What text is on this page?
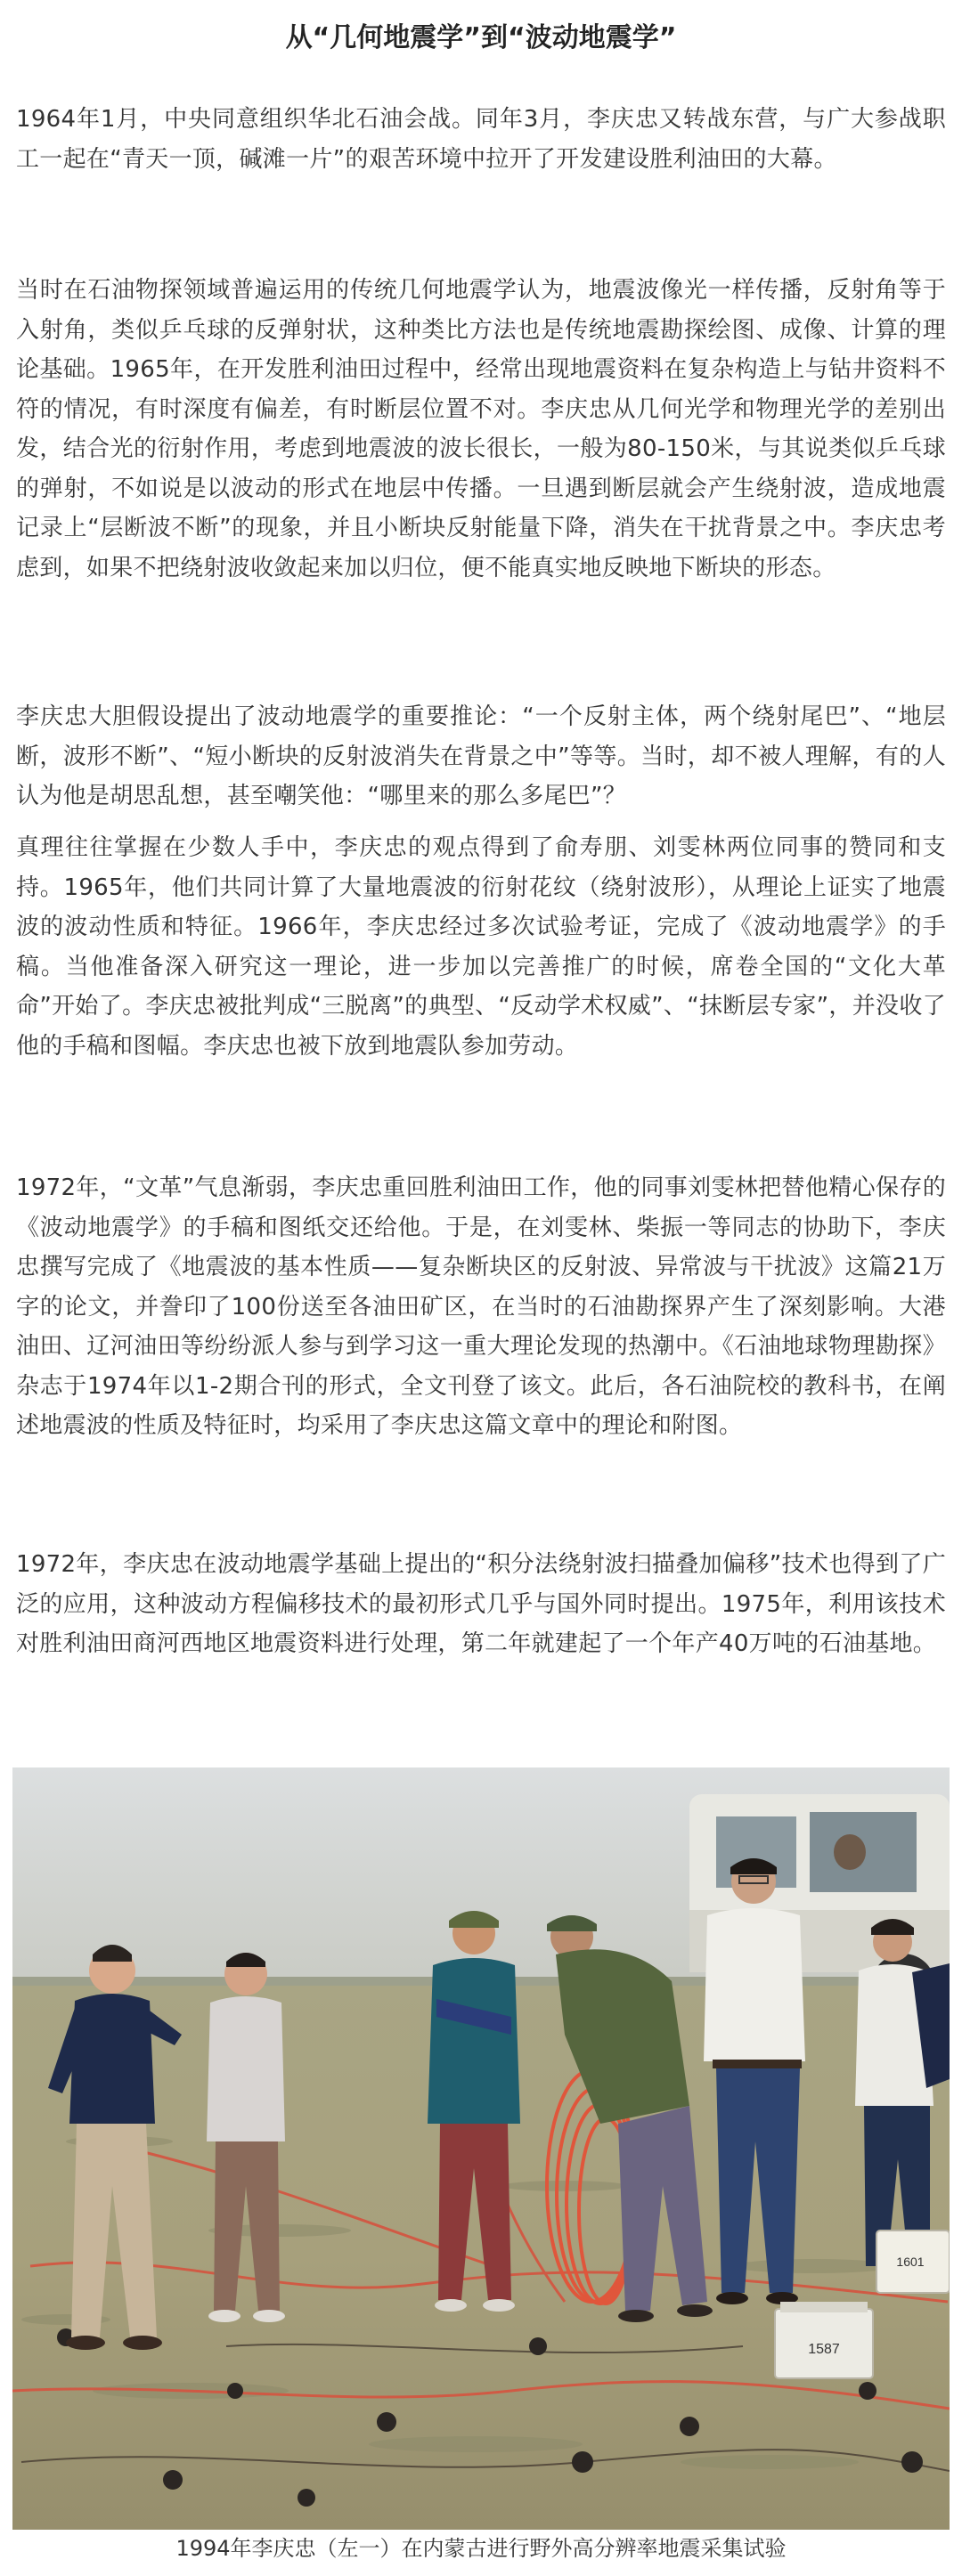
从“几何地震学”到“波动地震学”

1964年1月，中央同意组织华北石油会战。同年3月，李庆忠又转战东营，与广大参战职工一起在“青天一顶，碱滩一片”的艰苦环境中拉开了开发建设胜利油田的大幕。

当时在石油物探领域普遍运用的传统几何地震学认为，地震波像光一样传播，反射角等于入射角，类似乒乓球的反弹射状，这种类比方法也是传统地震勘探绘图、成像、计算的理论基础。1965年，在开发胜利油田过程中，经常出现地震资料在复杂构造上与钻井资料不符的情况，有时深度有偏差，有时断层位置不对。李庆忠从几何光学和物理光学的差别出发，结合光的衍射作用，考虑到地震波的波长很长，一般为80-150米，与其说类似乒乓球的弹射，不如说是以波动的形式在地层中传播。一旦遇到断层就会产生绕射波，造成地震记录上“层断波不断”的现象，并且小断块反射能量下降，消失在干扰背景之中。李庆忠考虑到，如果不把绕射波收敛起来加以归位，便不能真实地反映地下断块的形态。

李庆忠大胆假设提出了波动地震学的重要推论：“一个反射主体，两个绕射尾巴”、“地层断，波形不断”、“短小断块的反射波消失在背景之中”等等。当时，却不被人理解，有的人认为他是胡思乱想，甚至嘲笑他：“哪里来的那么多尾巴”？

真理往往掌握在少数人手中，李庆忠的观点得到了俞寿朋、刘雯林两位同事的赞同和支持。1965年，他们共同计算了大量地震波的衍射花纹（绕射波形），从理论上证实了地震波的波动性质和特征。1966年，李庆忠经过多次试验考证，完成了《波动地震学》的手稿。当他准备深入研究这一理论，进一步加以完善推广的时候，席卷全国的“文化大革命”开始了。李庆忠被批判成“三脱离”的典型、“反动学术权威”、“抹断层专家”，并没收了他的手稿和图幅。李庆忠也被下放到地震队参加劳动。

1972年，“文革”气息渐弱，李庆忠重回胜利油田工作，他的同事刘雯林把替他精心保存的《波动地震学》的手稿和图纸交还给他。于是，在刘雯林、柴振一等同志的协助下，李庆忠撰写完成了《地震波的基本性质——复杂断块区的反射波、异常波与干扰波》这篇21万字的论文，并誊印了100份送至各油田矿区，在当时的石油勘探界产生了深刻影响。大港油田、辽河油田等纷纷派人参与到学习这一重大理论发现的热潮中。《石油地球物理勘探》杂志于1974年以1-2期合刊的形式，全文刊登了该文。此后，各石油院校的教科书，在阐述地震波的性质及特征时，均采用了李庆忠这篇文章中的理论和附图。

1972年，李庆忠在波动地震学基础上提出的“积分法绕射波扫描叠加偏移”技术也得到了广泛的应用，这种波动方程偏移技术的最初形式几乎与国外同时提出。1975年，利用该技术对胜利油田商河西地区地震资料进行处理，第二年就建起了一个年产40万吨的石油基地。

1587
1601
1994年李庆忠（左一）在内蒙古进行野外高分辨率地震采集试验
